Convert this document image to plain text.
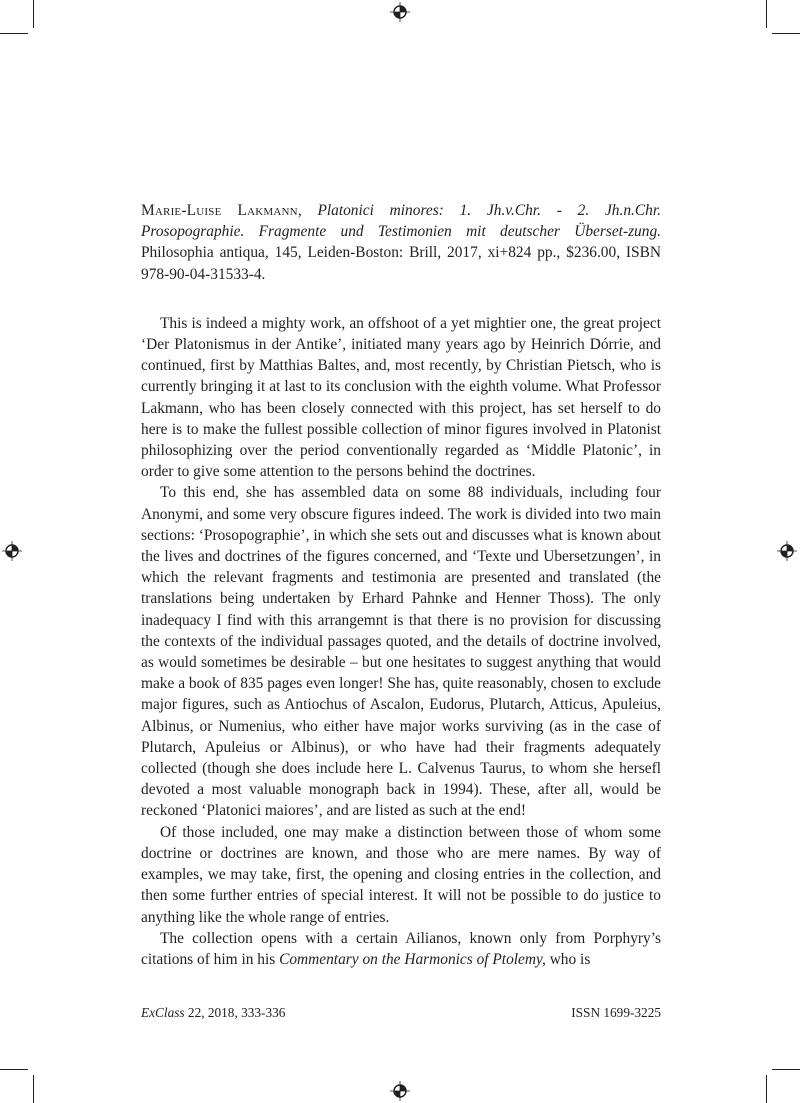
Marie-Luise Lakmann, Platonici minores: 1. Jh.v.Chr. - 2. Jh.n.Chr. Prosopographie. Fragmente und Testimonien mit deutscher Überset-zung. Philosophia antiqua, 145, Leiden-Boston: Brill, 2017, xi+824 pp., $236.00, ISBN 978-90-04-31533-4.

This is indeed a mighty work, an offshoot of a yet mightier one, the great project ‘Der Platonismus in der Antike’, initiated many years ago by Heinrich Dórrie, and continued, first by Matthias Baltes, and, most recently, by Christian Pietsch, who is currently bringing it at last to its conclusion with the eighth volume. What Professor Lakmann, who has been closely connected with this project, has set herself to do here is to make the fullest possible collection of minor figures involved in Platonist philosophizing over the period conventionally regarded as ‘Middle Platonic’, in order to give some attention to the persons behind the doctrines.

To this end, she has assembled data on some 88 individuals, including four Anonymi, and some very obscure figures indeed. The work is divided into two main sections: ‘Prosopographie’, in which she sets out and discusses what is known about the lives and doctrines of the figures concerned, and ‘Texte und Ubersetzungen’, in which the relevant fragments and testimonia are presented and translated (the translations being undertaken by Erhard Pahnke and Henner Thoss). The only inadequacy I find with this arrangemnt is that there is no provision for discussing the contexts of the individual passages quoted, and the details of doctrine involved, as would sometimes be desirable – but one hesitates to suggest anything that would make a book of 835 pages even longer! She has, quite reasonably, chosen to exclude major figures, such as Antiochus of Ascalon, Eudorus, Plutarch, Atticus, Apuleius, Albinus, or Numenius, who either have major works surviving (as in the case of Plutarch, Apuleius or Albinus), or who have had their fragments adequately collected (though she does include here L. Calvenus Taurus, to whom she hersefl devoted a most valuable monograph back in 1994). These, after all, would be reckoned ‘Platonici maiores’, and are listed as such at the end!

Of those included, one may make a distinction between those of whom some doctrine or doctrines are known, and those who are mere names. By way of examples, we may take, first, the opening and closing entries in the collection, and then some further entries of special interest. It will not be possible to do justice to anything like the whole range of entries.

The collection opens with a certain Ailianos, known only from Porphyry’s citations of him in his Commentary on the Harmonics of Ptolemy, who is

ExClass 22, 2018, 333-336	ISSN 1699-3225
